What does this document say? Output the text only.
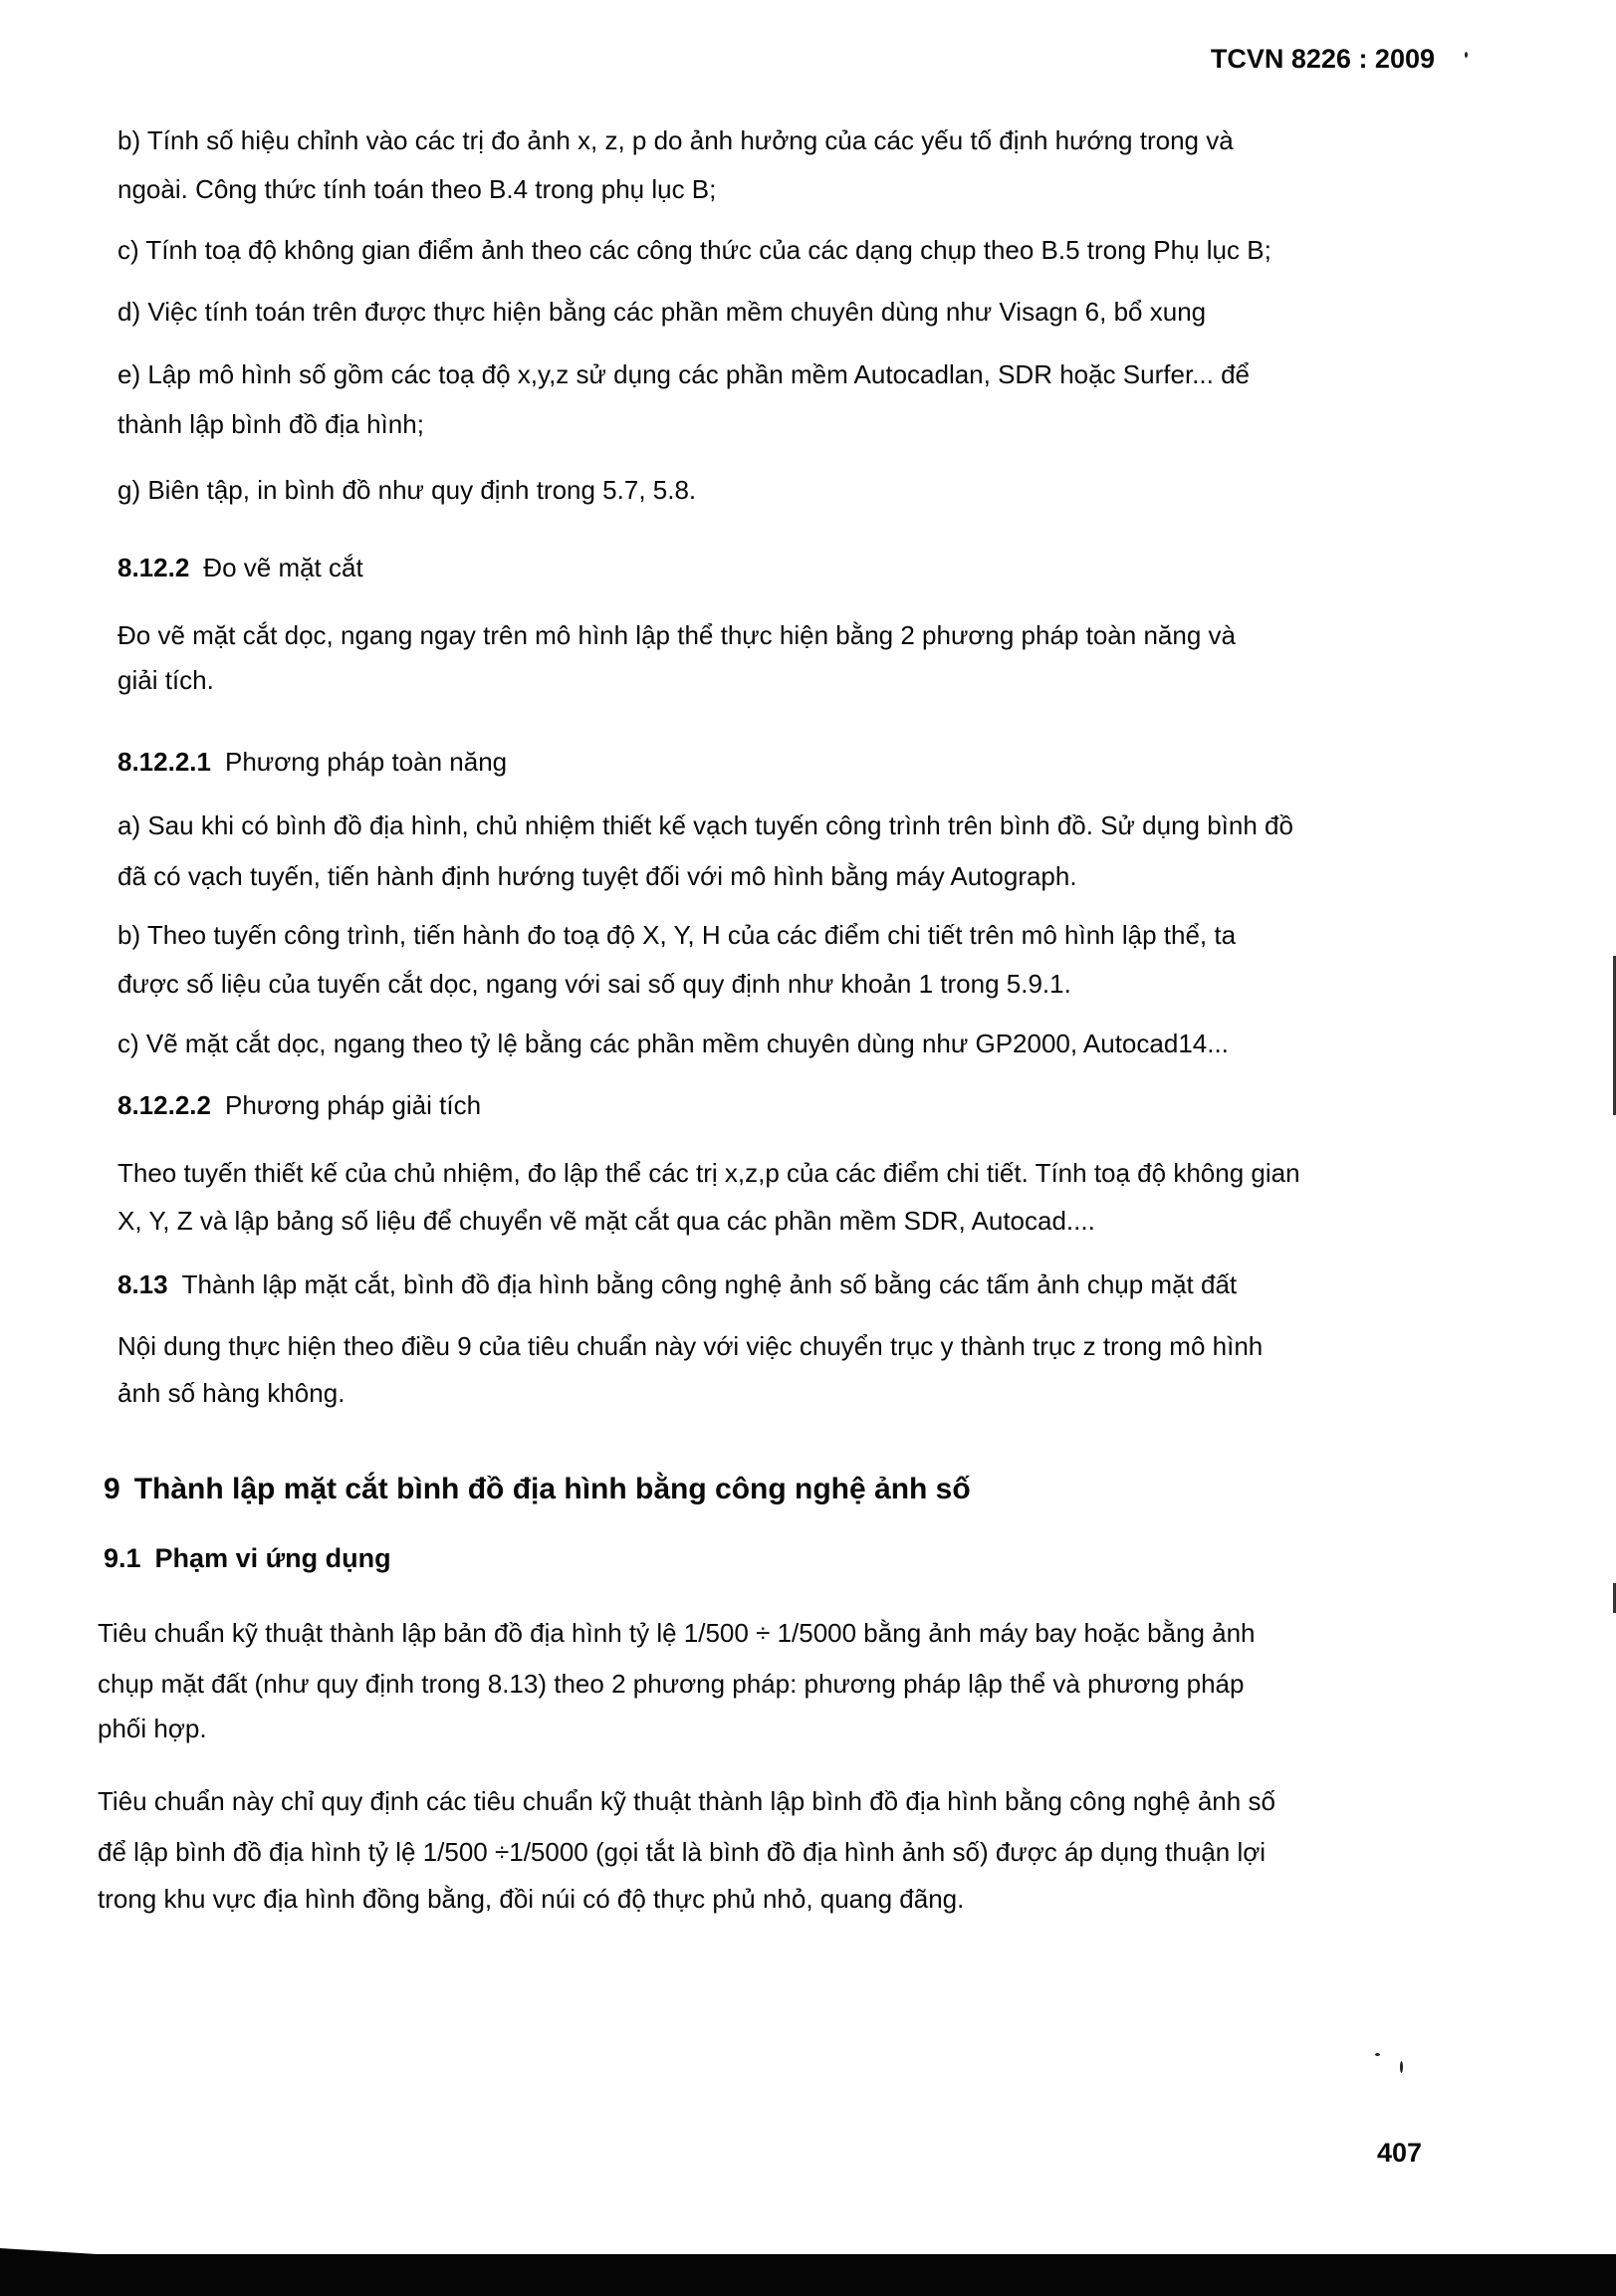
TCVN 8226 : 2009
b) Tính số hiệu chỉnh vào các trị đo ảnh x, z, p do ảnh hưởng của các yếu tố định hướng trong và
ngoài. Công thức tính toán theo B.4 trong phụ lục B;
c) Tính toạ độ không gian điểm ảnh theo các công thức của các dạng chụp theo B.5 trong Phụ lục B;
d) Việc tính toán trên được thực hiện bằng các phần mềm chuyên dùng như Visagn 6, bổ xung
e) Lập mô hình số gồm các toạ độ x,y,z sử dụng các phần mềm Autocadlan, SDR hoặc Surfer... để
thành lập bình đồ địa hình;
g) Biên tập, in bình đồ như quy định trong 5.7, 5.8.
8.12.2 Đo vẽ mặt cắt
Đo vẽ mặt cắt dọc, ngang ngay trên mô hình lập thể thực hiện bằng 2 phương pháp toàn năng và
giải tích.
8.12.2.1 Phương pháp toàn năng
a) Sau khi có bình đồ địa hình, chủ nhiệm thiết kế vạch tuyến công trình trên bình đồ. Sử dụng bình đồ
đã có vạch tuyến, tiến hành định hướng tuyệt đối với mô hình bằng máy Autograph.
b) Theo tuyến công trình, tiến hành đo toạ độ X, Y, H của các điểm chi tiết trên mô hình lập thể, ta
được số liệu của tuyến cắt dọc, ngang với sai số quy định như khoản 1 trong 5.9.1.
c) Vẽ mặt cắt dọc, ngang theo tỷ lệ bằng các phần mềm chuyên dùng như GP2000, Autocad14...
8.12.2.2 Phương pháp giải tích
Theo tuyến thiết kế của chủ nhiệm, đo lập thể các trị x,z,p của các điểm chi tiết. Tính toạ độ không gian
X, Y, Z và lập bảng số liệu để chuyển vẽ mặt cắt qua các phần mềm SDR, Autocad....
8.13 Thành lập mặt cắt, bình đồ địa hình bằng công nghệ ảnh số bằng các tấm ảnh chụp mặt đất
Nội dung thực hiện theo điều 9 của tiêu chuẩn này với việc chuyển trục y thành trục z trong mô hình
ảnh số hàng không.
9 Thành lập mặt cắt bình đồ địa hình bằng công nghệ ảnh số
9.1 Phạm vi ứng dụng
Tiêu chuẩn kỹ thuật thành lập bản đồ địa hình tỷ lệ 1/500 ÷ 1/5000 bằng ảnh máy bay hoặc bằng ảnh
chụp mặt đất (như quy định trong 8.13) theo 2 phương pháp: phương pháp lập thể và phương pháp
phối hợp.
Tiêu chuẩn này chỉ quy định các tiêu chuẩn kỹ thuật thành lập bình đồ địa hình bằng công nghệ ảnh số
để lập bình đồ địa hình tỷ lệ 1/500 ÷1/5000 (gọi tắt là bình đồ địa hình ảnh số) được áp dụng thuận lợi
trong khu vực địa hình đồng bằng, đồi núi có độ thực phủ nhỏ, quang đãng.
407
